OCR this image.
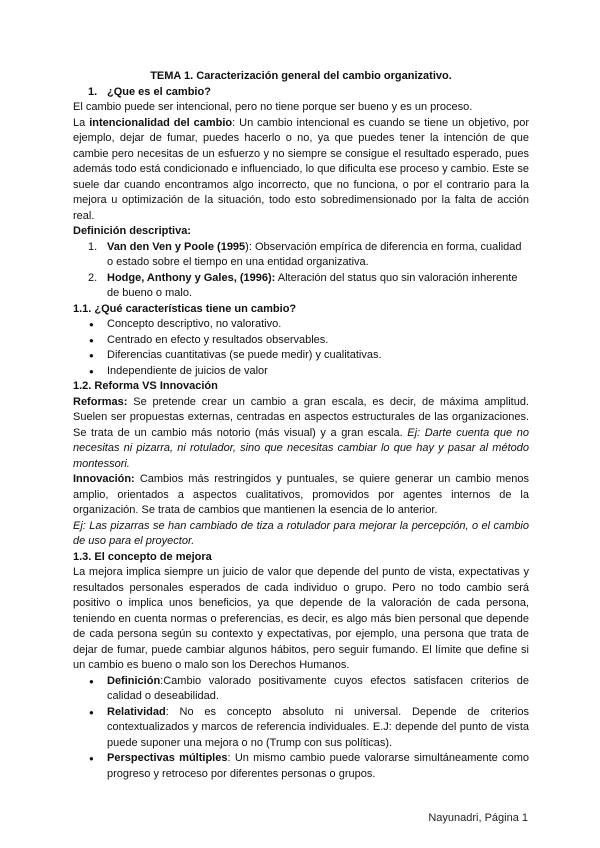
TEMA 1. Caracterización general del cambio organizativo.

1. ¿Que es el cambio?

El cambio puede ser intencional, pero no tiene porque ser bueno y es un proceso.

La intencionalidad del cambio: Un cambio intencional es cuando se tiene un objetivo, por ejemplo, dejar de fumar, puedes hacerlo o no, ya que puedes tener la intención de que cambie pero necesitas de un esfuerzo y no siempre se consigue el resultado esperado, pues además todo está condicionado e influenciado, lo que dificulta ese proceso y cambio. Este se suele dar cuando encontramos algo incorrecto, que no funciona, o por el contrario para la mejora u optimización de la situación, todo esto sobredimensionado por la falta de acción real.

Definición descriptiva:

1. Van den Ven y Poole (1995): Observación empírica de diferencia en forma, cualidad o estado sobre el tiempo en una entidad organizativa.
2. Hodge, Anthony y Gales, (1996): Alteración del status quo sin valoración inherente de bueno o malo.

1.1. ¿Qué características tiene un cambio?

● Concepto descriptivo, no valorativo.
● Centrado en efecto y resultados observables.
● Diferencias cuantitativas (se puede medir) y cualitativas.
● Independiente de juicios de valor

1.2. Reforma VS Innovación

Reformas: Se pretende crear un cambio a gran escala, es decir, de máxima amplitud. Suelen ser propuestas externas, centradas en aspectos estructurales de las organizaciones. Se trata de un cambio más notorio (más visual) y a gran escala. Ej: Darte cuenta que no necesitas ni pizarra, ni rotulador, sino que necesitas cambiar lo que hay y pasar al método montessori.

Innovación: Cambios más restringidos y puntuales, se quiere generar un cambio menos amplio, orientados a aspectos cualitativos, promovidos por agentes internos de la organización. Se trata de cambios que mantienen la esencia de lo anterior.

Ej: Las pizarras se han cambiado de tiza a rotulador para mejorar la percepción, o el cambio de uso para el proyector.

1.3. El concepto de mejora

La mejora implica siempre un juicio de valor que depende del punto de vista, expectativas y resultados personales esperados de cada individuo o grupo. Pero no todo cambio será positivo o implica unos beneficios, ya que depende de la valoración de cada persona, teniendo en cuenta normas o preferencias, es decir, es algo más bien personal que depende de cada persona según su contexto y expectativas, por ejemplo, una persona que trata de dejar de fumar, puede cambiar algunos hábitos, pero seguir fumando. El límite que define si un cambio es bueno o malo son los Derechos Humanos.

● Definición:Cambio valorado positivamente cuyos efectos satisfacen criterios de calidad o deseabilidad.
● Relatividad: No es concepto absoluto ni universal. Depende de criterios contextualizados y marcos de referencia individuales. E.J: depende del punto de vista puede suponer una mejora o no (Trump con sus políticas).
● Perspectivas múltiples: Un mismo cambio puede valorarse simultáneamente como progreso y retroceso por diferentes personas o grupos.
Nayunadri, Página 1
